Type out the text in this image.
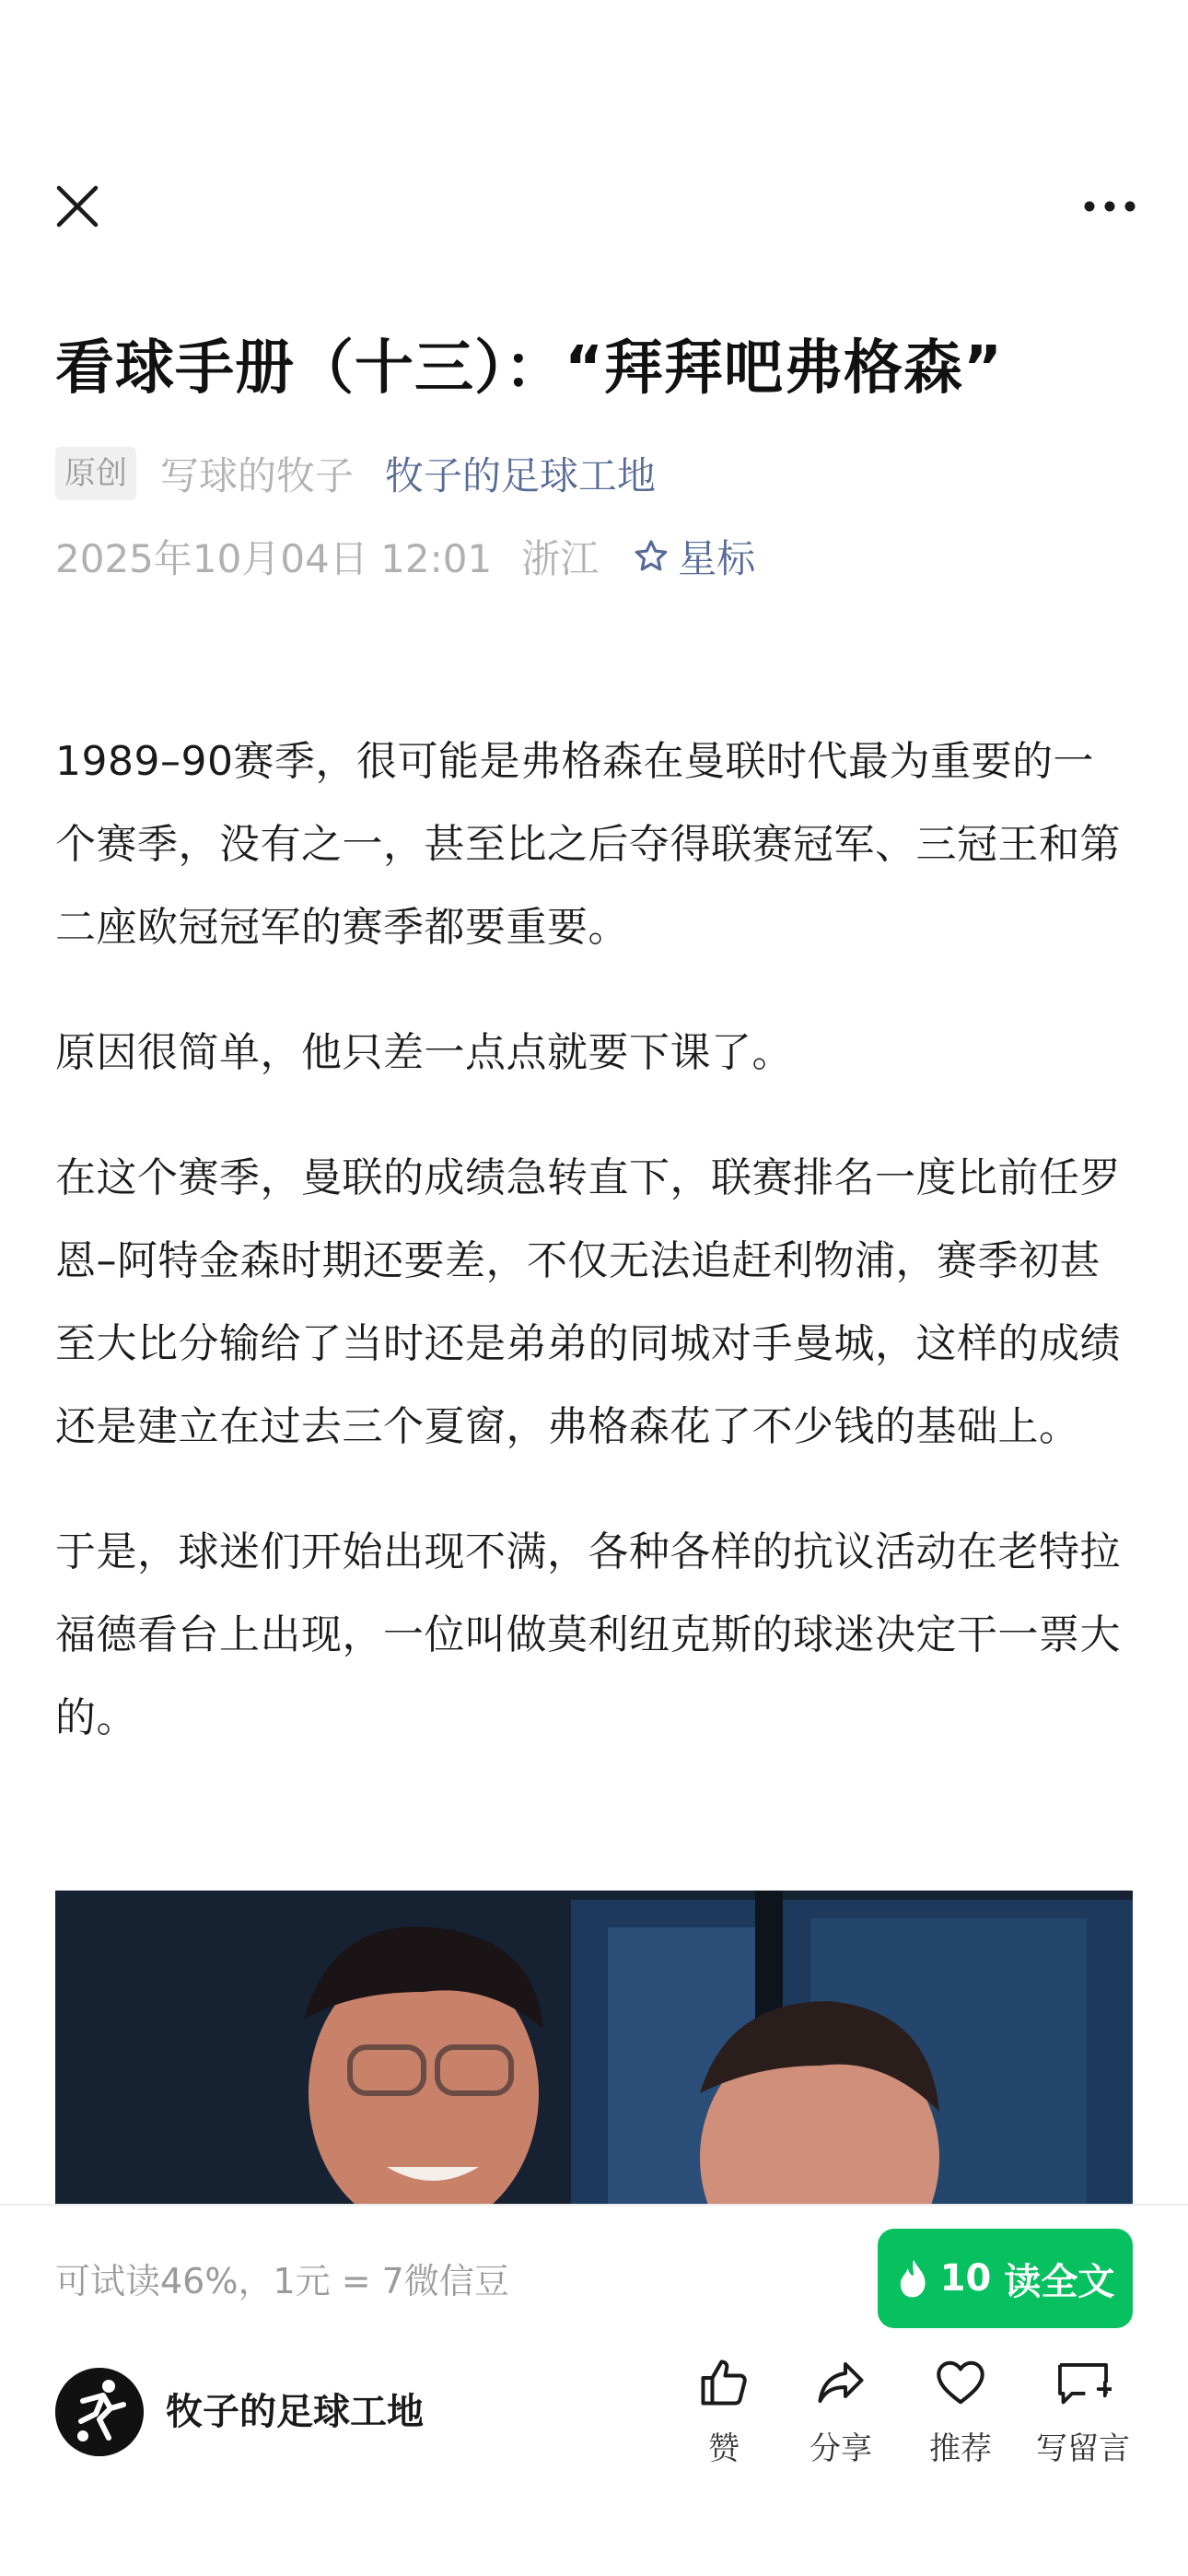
看球手册（十三）：“拜拜吧弗格森”
原创 写球的牧子 牧子的足球工地
2025年10月04日 12:01 浙江 星标

1989–90赛季，很可能是弗格森在曼联时代最为重要的一个赛季，没有之一，甚至比之后夺得联赛冠军、三冠王和第二座欧冠冠军的赛季都要重要。

原因很简单，他只差一点点就要下课了。

在这个赛季，曼联的成绩急转直下，联赛排名一度比前任罗恩–阿特金森时期还要差，不仅无法追赶利物浦，赛季初甚至大比分输给了当时还是弟弟的同城对手曼城，这样的成绩还是建立在过去三个夏窗，弗格森花了不少钱的基础上。

于是，球迷们开始出现不满，各种各样的抗议活动在老特拉福德看台上出现，一位叫做莫利纽克斯的球迷决定干一票大的。

可试读46%，1元 = 7微信豆	10 读全文
牧子的足球工地
赞 分享 推荐 写留言
